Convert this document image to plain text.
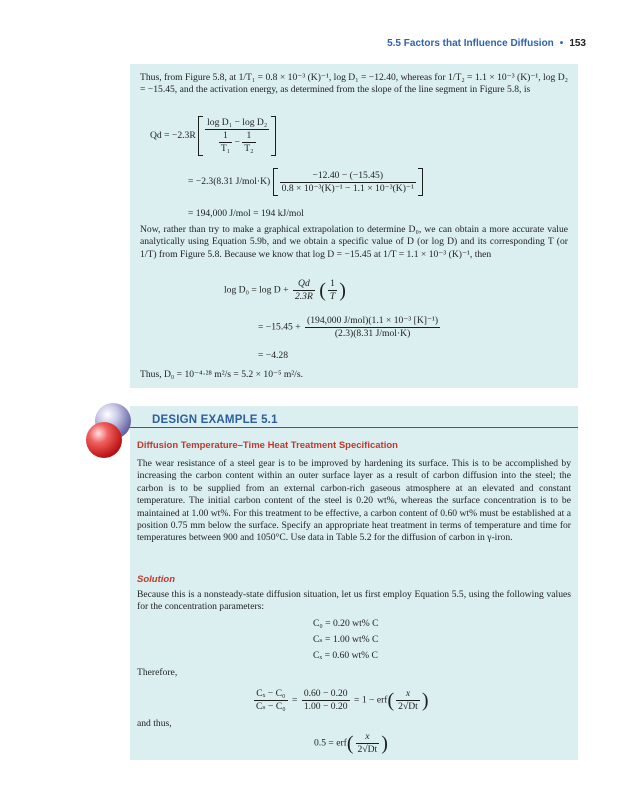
5.5 Factors that Influence Diffusion • 153
Thus, from Figure 5.8, at 1/T₁ = 0.8 × 10⁻³ (K)⁻¹, log D₁ = −12.40, whereas for 1/T₂ = 1.1 × 10⁻³ (K)⁻¹, log D₂ = −15.45, and the activation energy, as determined from the slope of the line segment in Figure 5.8, is
$Qd = -2.3R \frac{\text{log D₁ − log D₂}}{\frac{1}{\text{T₁}} - \frac{1}{\text{T₂}}}$
= −2.3(8.31 $J/mol\cdot K) \frac{-12.40 - (-15.45)}{\text{0.8 × 10⁻³(K)⁻¹ − 1.1 × 10⁻³(K)⁻¹}}$
= 194,000 J/mol = 194 kJ/mol
Now, rather than try to make a graphical extrapolation to determine D₀, we can obtain a more accurate value analytically using Equation 5.9b, and we obtain a specific value of D (or log D) and its corresponding T (or 1/T) from Figure 5.8. Because we know that log D = −15.45 at 1/T = 1.1 × 10⁻³ (K)⁻¹, then
$\log D_0 = \log D + \frac{Qd}{2.3R}$ ( $\frac{1}{T}$ )
= $-15.45 + \frac{\text{(194,000 J/mol)(1.1 × 10⁻³ [K]⁻¹)}}{\text{(2.3)(8.31 J/mol·K)}}$
= −4.28
Thus, D₀ = 10⁻⁴·²⁸ m²/s = 5.2 × 10⁻⁵ m²/s.
DESIGN EXAMPLE 5.1
Diffusion Temperature–Time Heat Treatment Specification
The wear resistance of a steel gear is to be improved by hardening its surface. This is to be accomplished by increasing the carbon content within an outer surface layer as a result of carbon diffusion into the steel; the carbon is to be supplied from an external carbon-rich gaseous atmosphere at an elevated and constant temperature. The initial carbon content of the steel is 0.20 wt%, whereas the surface concentration is to be maintained at 1.00 wt%. For this treatment to be effective, a carbon content of 0.60 wt% must be established at a position 0.75 mm below the surface. Specify an appropriate heat treatment in terms of temperature and time for temperatures between 900 and 1050°C. Use data in Table 5.2 for the diffusion of carbon in γ-iron.
Solution
Because this is a nonsteady-state diffusion situation, let us first employ Equation 5.5, using the following values for the concentration parameters:
C₀ = 0.20 wt% C
Cₛ = 1.00 wt% C
Cₓ = 0.60 wt% C
Therefore,
$\frac{\text{Cₓ − C₀}}{\text{Cₛ − C₀}} = \frac{0.60 - 0.20}{1.00 - 0.20} = 1 - erf( \frac{x}{2√Dt}$ )
and thus,
$0.5 = erf( \frac{x}{2√Dt}$ )
